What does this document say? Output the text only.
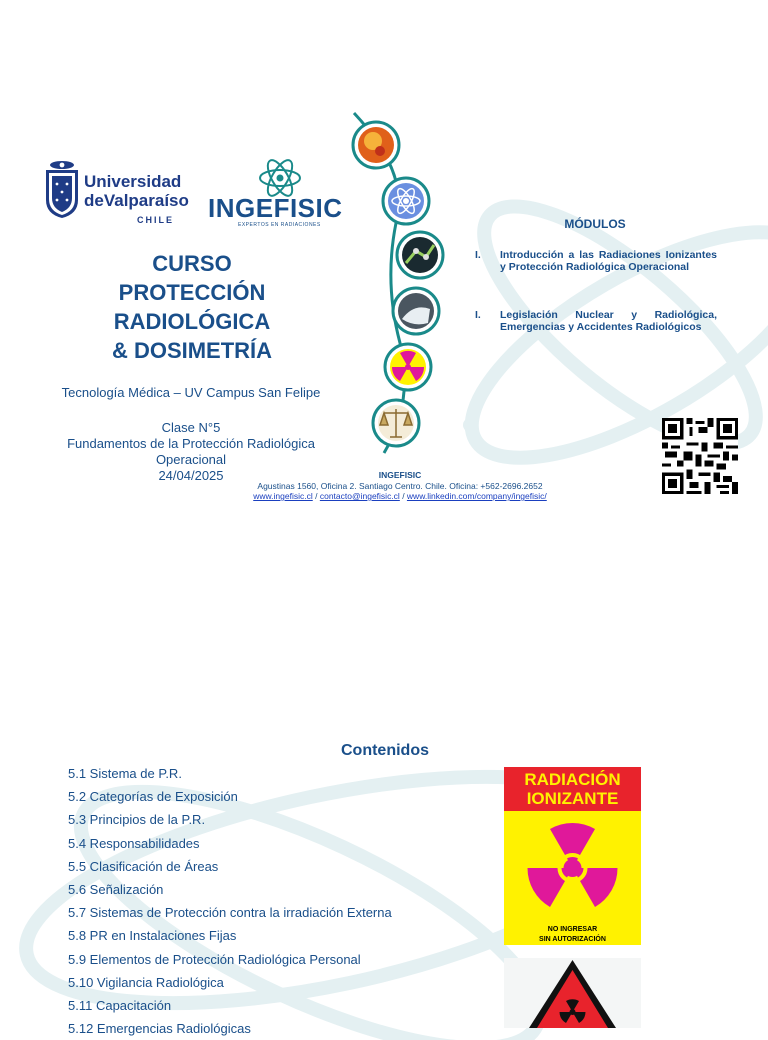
Universidad
deValparaíso
CHILE INGEFISIC
EXPERTOS EN RADIACIONES
CURSO
PROTECCIÓN
RADIOLÓGICA
& DOSIMETRÍA
Tecnología Médica – UV Campus San Felipe
Clase N°5
Fundamentos de la Protección Radiológica
Operacional
24/04/2025
MÓDULOS
I. Introducción a las Radiaciones Ionizantes y Protección Radiológica Operacional
I. Legislación Nuclear y Radiológica, Emergencias y Accidentes Radiológicos
INGEFISIC
Agustinas 1560, Oficina 2. Santiago Centro. Chile. Oficina: +562-2696.2652
www.ingefisic.cl / contacto@ingefisic.cl / www.linkedin.com/company/ingefisic/
Contenidos
5.1 Sistema de P.R.
5.2 Categorías de Exposición
5.3 Principios de la P.R.
5.4 Responsabilidades
5.5 Clasificación de Áreas
5.6 Señalización
5.7 Sistemas de Protección contra la irradiación Externa
5.8 PR en Instalaciones Fijas
5.9 Elementos de Protección Radiológica Personal
5.10 Vigilancia Radiológica
5.11 Capacitación
5.12 Emergencias Radiológicas
RADIACIÓN
IONIZANTE
NO INGRESAR
SIN AUTORIZACIÓN
